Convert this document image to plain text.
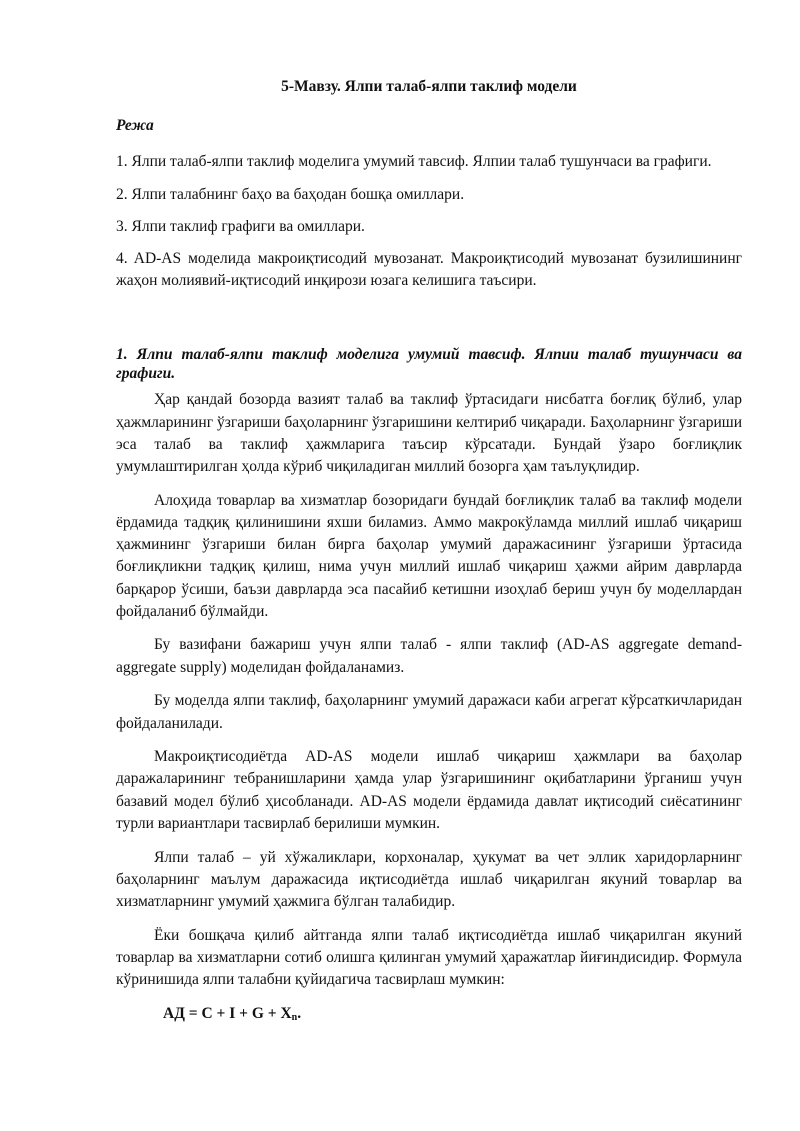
5-Мавзу. Ялпи талаб-ялпи таклиф модели

Режа

1. Ялпи талаб-ялпи таклиф моделига умумий тавсиф. Ялпии талаб тушунчаси ва графиги.

2. Ялпи талабнинг баҳо ва баҳодан бошқа омиллари.

3. Ялпи таклиф графиги ва омиллари.

4. AD-AS моделида макроиқтисодий мувозанат. Макроиқтисодий мувозанат бузилишининг жаҳон молиявий-иқтисодий инқирози юзага келишига таъсири.

1. Ялпи талаб-ялпи таклиф моделига умумий тавсиф. Ялпии талаб тушунчаси ва графиги.

Ҳар қандай бозорда вазият талаб ва таклиф ўртасидаги нисбатга боғлиқ бўлиб, улар ҳажмларининг ўзгариши баҳоларнинг ўзгаришини келтириб чиқаради. Баҳоларнинг ўзгариши эса талаб ва таклиф ҳажмларига таъсир кўрсатади. Бундай ўзаро боғлиқлик умумлаштирилган ҳолда кўриб чиқиладиган миллий бозорга ҳам таълуқлидир.

Алоҳида товарлар ва хизматлар бозоридаги бундай боғлиқлик талаб ва таклиф модели ёрдамида тадқиқ қилинишини яхши биламиз. Аммо макрокўламда миллий ишлаб чиқариш ҳажмининг ўзгариши билан бирга баҳолар умумий даражасининг ўзгариши ўртасида боғлиқликни тадқиқ қилиш, нима учун миллий ишлаб чиқариш ҳажми айрим даврларда барқарор ўсиши, баъзи даврларда эса пасайиб кетишни изоҳлаб бериш учун бу моделлардан фойдаланиб бўлмайди.

Бу вазифани бажариш учун ялпи талаб - ялпи таклиф (AD-AS aggregate demand-aggregate supply) моделидан фойдаланамиз.

Бу моделда ялпи таклиф, баҳоларнинг умумий даражаси каби агрегат кўрсаткичларидан фойдаланилади.

Макроиқтисодиётда AD-AS модели ишлаб чиқариш ҳажмлари ва баҳолар даражаларининг тебранишларини ҳамда улар ўзгаришининг оқибатларини ўрганиш учун базавий модел бўлиб ҳисобланади. AD-AS модели ёрдамида давлат иқтисодий сиёсатининг турли вариантлари тасвирлаб берилиши мумкин.

Ялпи талаб – уй хўжаликлари, корхоналар, ҳукумат ва чет эллик харидорларнинг баҳоларнинг маълум даражасида иқтисодиётда ишлаб чиқарилган якуний товарлар ва хизматларнинг умумий ҳажмига бўлган талабидир.

Ёки бошқача қилиб айтганда ялпи талаб иқтисодиётда ишлаб чиқарилган якуний товарлар ва хизматларни сотиб олишга қилинган умумий ҳаражатлар йиғиндисидир. Формула кўринишида ялпи талабни қуйидагича тасвирлаш мумкин:

АД = $С + I + G + X_n$.
